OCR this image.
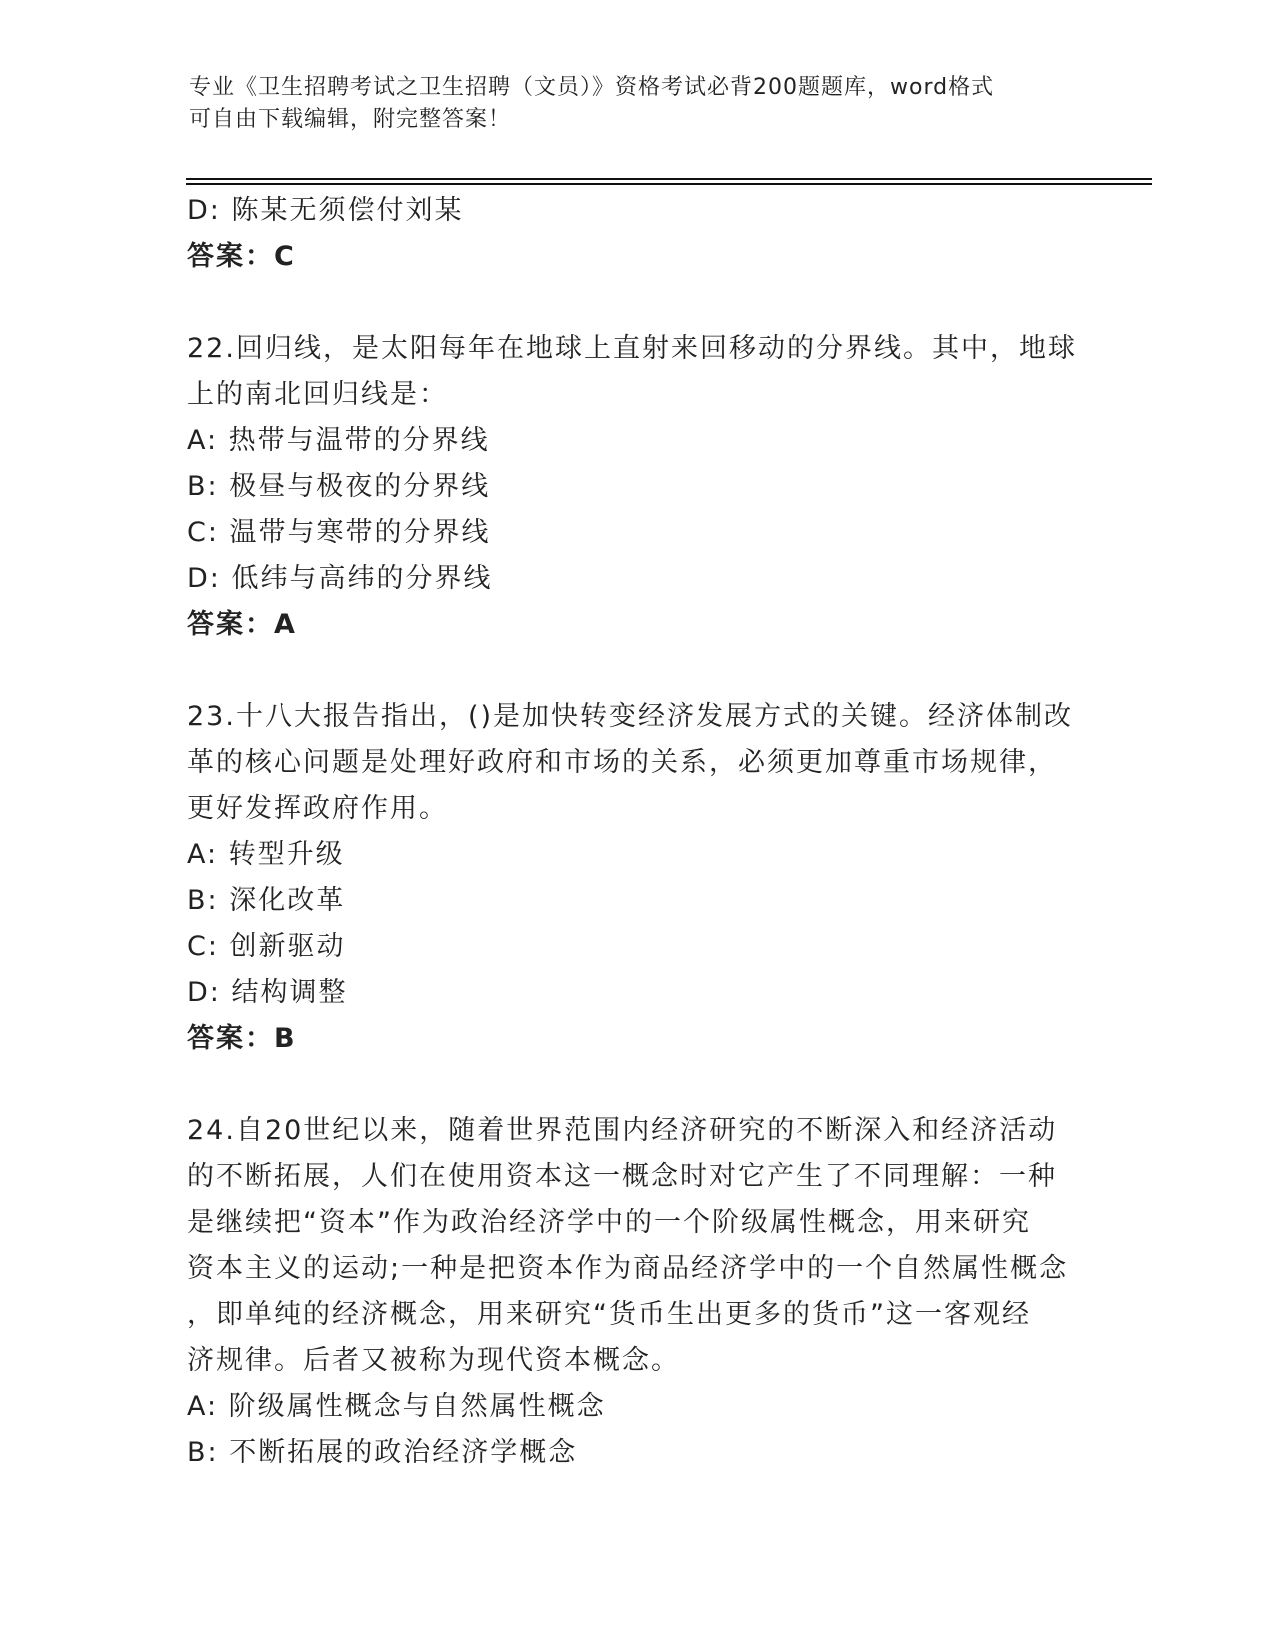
专业《卫生招聘考试之卫生招聘（文员）》资格考试必背200题题库，word格式
可自由下载编辑，附完整答案！
D: 陈某无须偿付刘某
答案：C
22.回归线，是太阳每年在地球上直射来回移动的分界线。其中，地球
上的南北回归线是：
A: 热带与温带的分界线
B: 极昼与极夜的分界线
C: 温带与寒带的分界线
D: 低纬与高纬的分界线
答案：A
23.十八大报告指出，()是加快转变经济发展方式的关键。经济体制改
革的核心问题是处理好政府和市场的关系，必须更加尊重市场规律，
更好发挥政府作用。
A: 转型升级
B: 深化改革
C: 创新驱动
D: 结构调整
答案：B
24.自20世纪以来，随着世界范围内经济研究的不断深入和经济活动
的不断拓展，人们在使用资本这一概念时对它产生了不同理解：一种
是继续把“资本”作为政治经济学中的一个阶级属性概念，用来研究
资本主义的运动;一种是把资本作为商品经济学中的一个自然属性概念
，即单纯的经济概念，用来研究“货币生出更多的货币”这一客观经
济规律。后者又被称为现代资本概念。
A: 阶级属性概念与自然属性概念
B: 不断拓展的政治经济学概念
